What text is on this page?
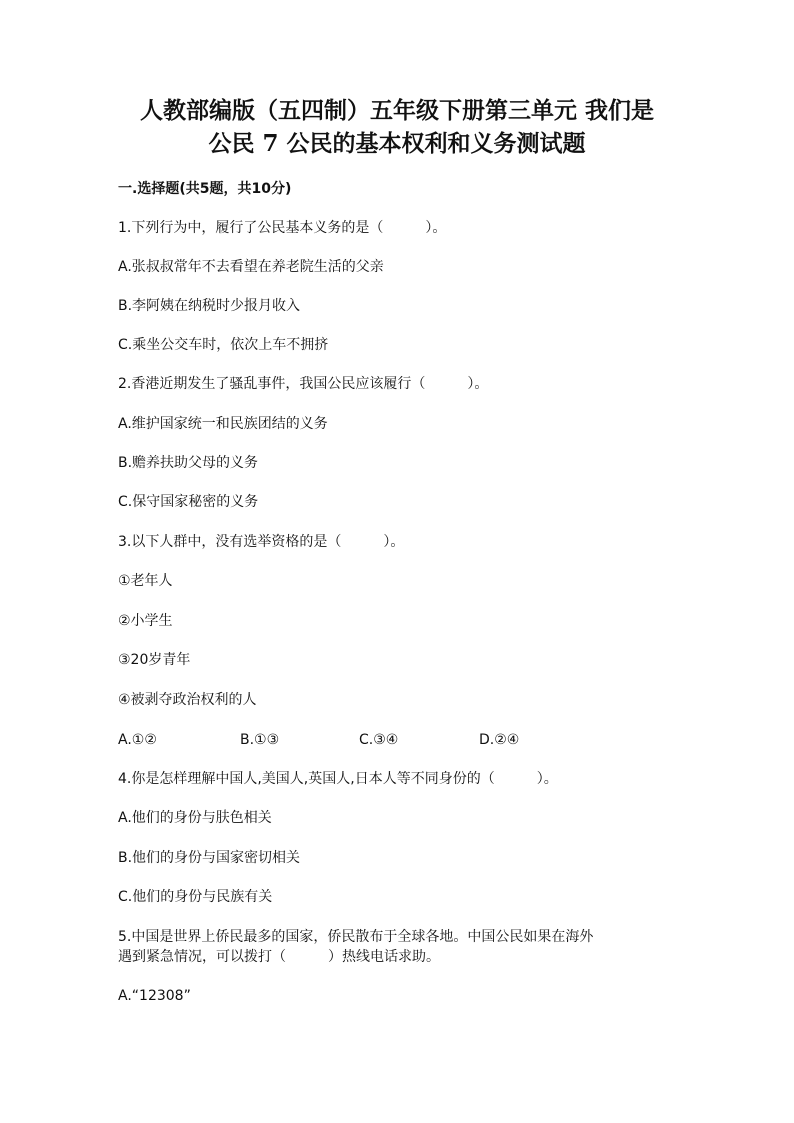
人教部编版（五四制）五年级下册第三单元 我们是
公民 7 公民的基本权利和义务测试题
一.选择题(共5题，共10分)
1.下列行为中，履行了公民基本义务的是（　　　）。
A.张叔叔常年不去看望在养老院生活的父亲
B.李阿姨在纳税时少报月收入
C.乘坐公交车时，依次上车不拥挤
2.香港近期发生了骚乱事件，我国公民应该履行（　　　）。
A.维护国家统一和民族团结的义务
B.赡养扶助父母的义务
C.保守国家秘密的义务
3.以下人群中，没有选举资格的是（　　　）。
①老年人
②小学生
③20岁青年
④被剥夺政治权利的人
A.①②	B.①③	C.③④	D.②④
4.你是怎样理解中国人,美国人,英国人,日本人等不同身份的（　　　）。
A.他们的身份与肤色相关
B.他们的身份与国家密切相关
C.他们的身份与民族有关
5.中国是世界上侨民最多的国家，侨民散布于全球各地。中国公民如果在海外
遇到紧急情况，可以拨打（　　　）热线电话求助。
A.“12308”
